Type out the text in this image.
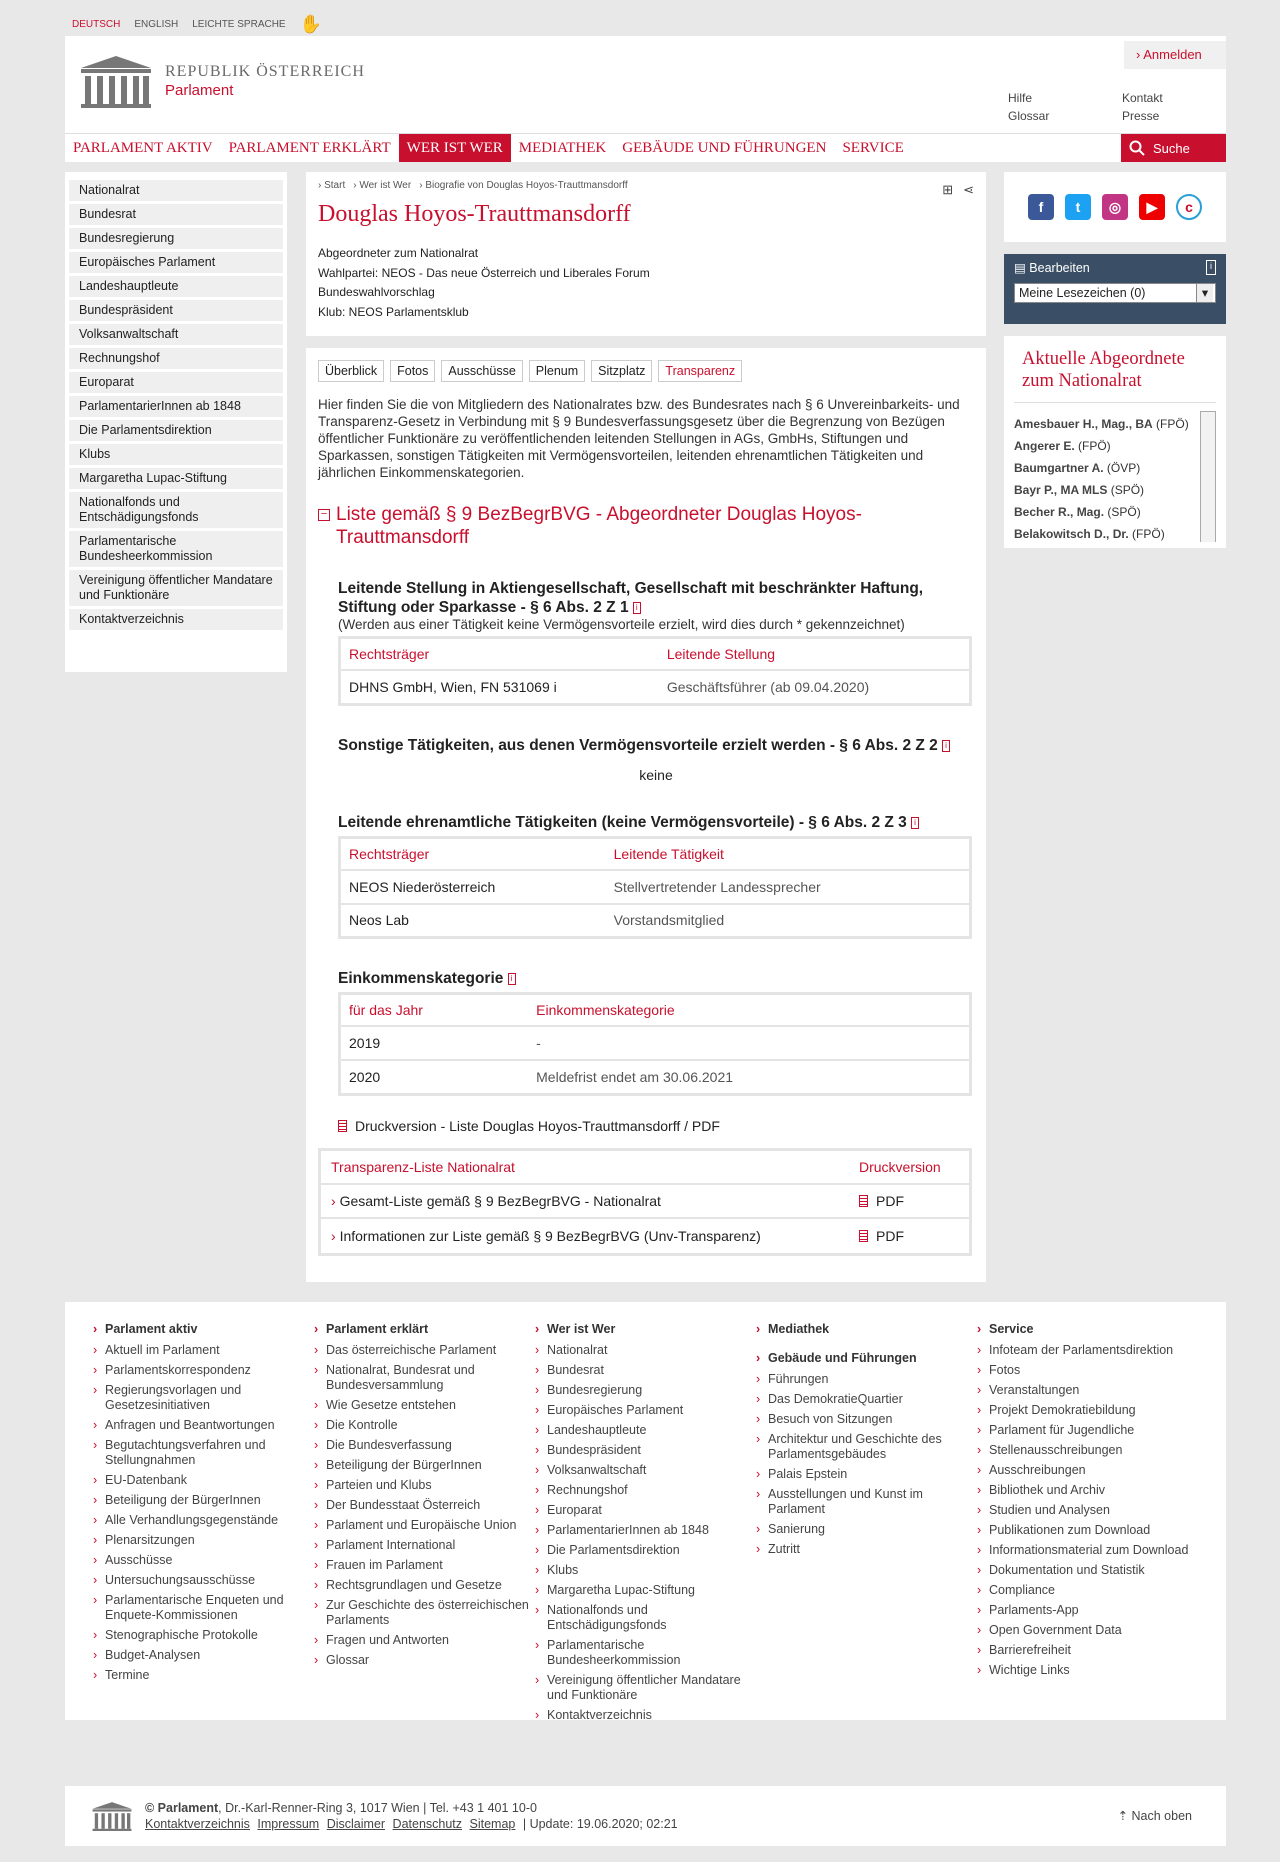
DEUTSCH ENGLISH LEICHTE SPRACHE ✋
REPUBLIK ÖSTERREICH
Parlament
› Anmelden
Hilfe	Kontakt
Glossar	Presse
PARLAMENT AKTIV	PARLAMENT ERKLÄRT	WER IST WER	MEDIATHEK	GEBÄUDE UND FÜHRUNGEN	SERVICE	Suche
Nationalrat
Bundesrat
Bundesregierung
Europäisches Parlament
Landeshauptleute
Bundespräsident
Volksanwaltschaft
Rechnungshof
Europarat
ParlamentarierInnen ab 1848
Die Parlamentsdirektion
Klubs
Margaretha Lupac-Stiftung
Nationalfonds und Entschädigungsfonds
Parlamentarische Bundesheerkommission
Vereinigung öffentlicher Mandatare und Funktionäre
Kontaktverzeichnis
› Start	› Wer ist Wer	› Biografie von Douglas Hoyos-Trauttmansdorff	⊞ ⋖
Douglas Hoyos-Trauttmansdorff
Abgeordneter zum Nationalrat
Wahlpartei: NEOS - Das neue Österreich und Liberales Forum
Bundeswahlvorschlag
Klub: NEOS Parlamentsklub
Überblick	Fotos	Ausschüsse	Plenum	Sitzplatz	Transparenz

Hier finden Sie die von Mitgliedern des Nationalrates bzw. des Bundesrates nach § 6 Unvereinbarkeits- und Transparenz-Gesetz in Verbindung mit § 9 Bundesverfassungsgesetz über die Begrenzung von Bezügen öffentlicher Funktionäre zu veröffentlichenden leitenden Stellungen in AGs, GmbHs, Stiftungen und Sparkassen, sonstigen Tätigkeiten mit Vermögensvorteilen, leitenden ehrenamtlichen Tätigkeiten und jährlichen Einkommenskategorien.

− Liste gemäß § 9 BezBegrBVG - Abgeordneter Douglas Hoyos-Trauttmansdorff
Leitende Stellung in Aktiengesellschaft, Gesellschaft mit beschränkter Haftung, Stiftung oder Sparkasse - § 6 Abs. 2 Z 1 i
(Werden aus einer Tätigkeit keine Vermögensvorteile erzielt, wird dies durch * gekennzeichnet)
Rechtsträger	Leitende Stellung
DHNS GmbH, Wien, FN 531069 i	Geschäftsführer (ab 09.04.2020)
Sonstige Tätigkeiten, aus denen Vermögensvorteile erzielt werden - § 6 Abs. 2 Z 2 i
keine
Leitende ehrenamtliche Tätigkeiten (keine Vermögensvorteile) - § 6 Abs. 2 Z 3 i
Rechtsträger	Leitende Tätigkeit
NEOS Niederösterreich	Stellvertretender Landessprecher
Neos Lab	Vorstandsmitglied
Einkommenskategorie i
für das Jahr	Einkommenskategorie
2019	-
2020	Meldefrist endet am 30.06.2021
Druckversion - Liste Douglas Hoyos-Trauttmansdorff / PDF
Transparenz-Liste Nationalrat	Druckversion
› Gesamt-Liste gemäß § 9 BezBegrBVG - Nationalrat	PDF
› Informationen zur Liste gemäß § 9 BezBegrBVG (Unv-Transparenz)	PDF
f	t	◎	▶	c
▤ Bearbeiten	i
Meine Lesezeichen (0) ▾
Aktuelle Abgeordnete zum Nationalrat
Amesbauer H., Mag., BA (FPÖ)
Angerer E. (FPÖ)
Baumgartner A. (ÖVP)
Bayr P., MA MLS (SPÖ)
Becher R., Mag. (SPÖ)
Belakowitsch D., Dr. (FPÖ)
› Parlament aktiv
› Aktuell im Parlament
› Parlamentskorrespondenz
› Regierungsvorlagen und Gesetzesinitiativen
› Anfragen und Beantwortungen
› Begutachtungsverfahren und Stellungnahmen
› EU-Datenbank
› Beteiligung der BürgerInnen
› Alle Verhandlungsgegenstände
› Plenarsitzungen
› Ausschüsse
› Untersuchungsausschüsse
› Parlamentarische Enqueten und Enquete-Kommissionen
› Stenographische Protokolle
› Budget-Analysen
› Termine
› Parlament erklärt
› Das österreichische Parlament
› Nationalrat, Bundesrat und Bundesversammlung
› Wie Gesetze entstehen
› Die Kontrolle
› Die Bundesverfassung
› Beteiligung der BürgerInnen
› Parteien und Klubs
› Der Bundesstaat Österreich
› Parlament und Europäische Union
› Parlament International
› Frauen im Parlament
› Rechtsgrundlagen und Gesetze
› Zur Geschichte des österreichischen Parlaments
› Fragen und Antworten
› Glossar
› Wer ist Wer
› Nationalrat
› Bundesrat
› Bundesregierung
› Europäisches Parlament
› Landeshauptleute
› Bundespräsident
› Volksanwaltschaft
› Rechnungshof
› Europarat
› ParlamentarierInnen ab 1848
› Die Parlamentsdirektion
› Klubs
› Margaretha Lupac-Stiftung
› Nationalfonds und Entschädigungsfonds
› Parlamentarische Bundesheerkommission
› Vereinigung öffentlicher Mandatare und Funktionäre
› Kontaktverzeichnis
› Mediathek
› Gebäude und Führungen
› Führungen
› Das DemokratieQuartier
› Besuch von Sitzungen
› Architektur und Geschichte des Parlamentsgebäudes
› Palais Epstein
› Ausstellungen und Kunst im Parlament
› Sanierung
› Zutritt
› Service
› Infoteam der Parlamentsdirektion
› Fotos
› Veranstaltungen
› Projekt Demokratiebildung
› Parlament für Jugendliche
› Stellenausschreibungen
› Ausschreibungen
› Bibliothek und Archiv
› Studien und Analysen
› Publikationen zum Download
› Informationsmaterial zum Download
› Dokumentation und Statistik
› Compliance
› Parlaments-App
› Open Government Data
› Barrierefreiheit
› Wichtige Links
© Parlament, Dr.-Karl-Renner-Ring 3, 1017 Wien | Tel. +43 1 401 10-0
Kontaktverzeichnis Impressum Disclaimer Datenschutz Sitemap | Update: 19.06.2020; 02:21
⇡ Nach oben
